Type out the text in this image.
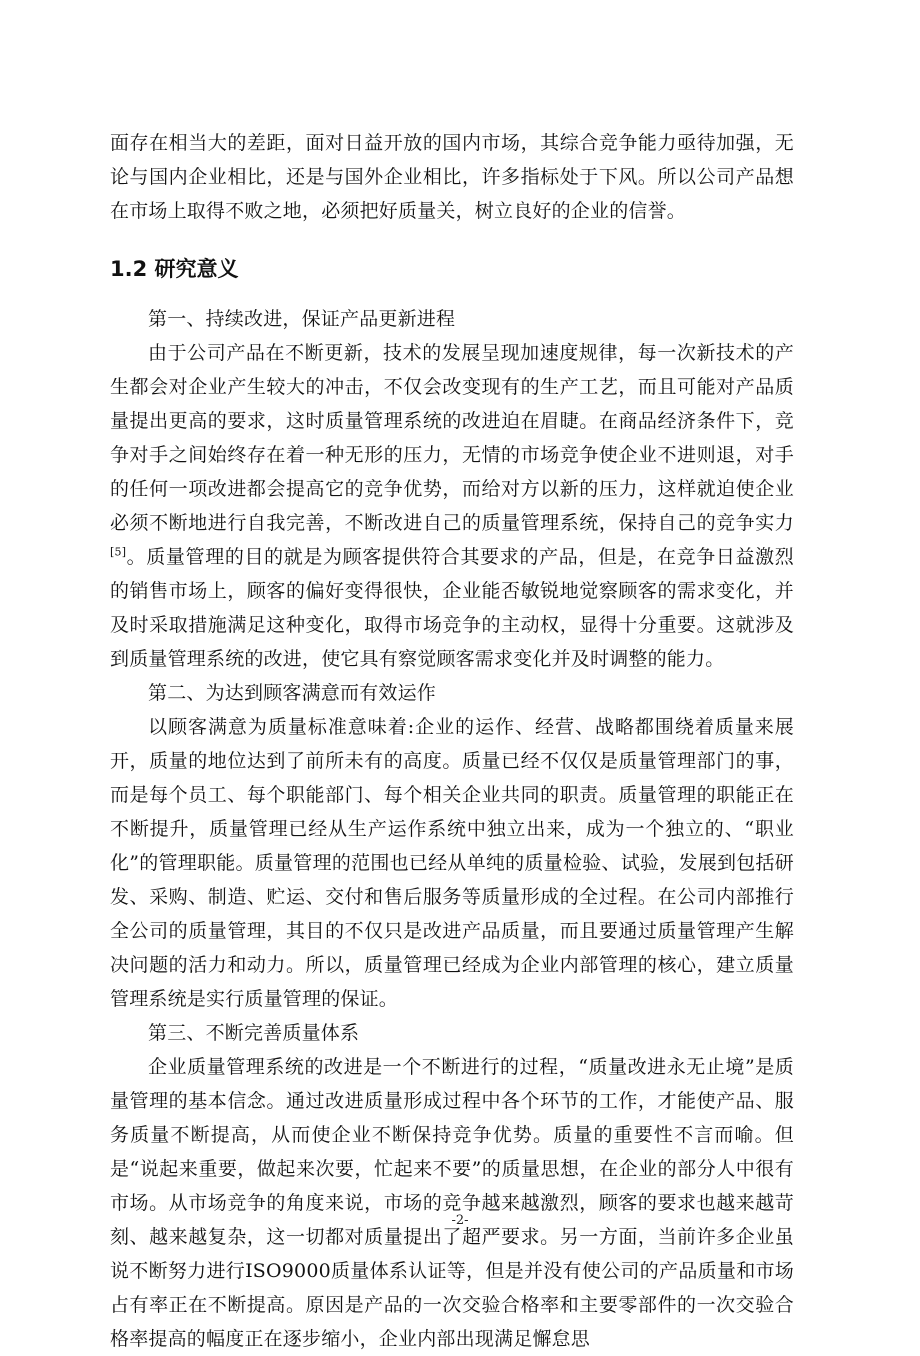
面存在相当大的差距，面对日益开放的国内市场，其综合竞争能力亟待加强，无论与国内企业相比，还是与国外企业相比，许多指标处于下风。所以公司产品想在市场上取得不败之地，必须把好质量关，树立良好的企业的信誉。

1.2 研究意义

第一、持续改进，保证产品更新进程

由于公司产品在不断更新，技术的发展呈现加速度规律，每一次新技术的产生都会对企业产生较大的冲击，不仅会改变现有的生产工艺，而且可能对产品质量提出更高的要求，这时质量管理系统的改进迫在眉睫。在商品经济条件下，竞争对手之间始终存在着一种无形的压力，无情的市场竞争使企业不进则退，对手的任何一项改进都会提高它的竞争优势，而给对方以新的压力，这样就迫使企业必须不断地进行自我完善，不断改进自己的质量管理系统，保持自己的竞争实力[5]。质量管理的目的就是为顾客提供符合其要求的产品，但是，在竞争日益激烈的销售市场上，顾客的偏好变得很快，企业能否敏锐地觉察顾客的需求变化，并及时采取措施满足这种变化，取得市场竞争的主动权，显得十分重要。这就涉及到质量管理系统的改进，使它具有察觉顾客需求变化并及时调整的能力。

第二、为达到顾客满意而有效运作

以顾客满意为质量标准意味着:企业的运作、经营、战略都围绕着质量来展开，质量的地位达到了前所未有的高度。质量已经不仅仅是质量管理部门的事，而是每个员工、每个职能部门、每个相关企业共同的职责。质量管理的职能正在不断提升，质量管理已经从生产运作系统中独立出来，成为一个独立的、“职业化”的管理职能。质量管理的范围也已经从单纯的质量检验、试验，发展到包括研发、采购、制造、贮运、交付和售后服务等质量形成的全过程。在公司内部推行全公司的质量管理，其目的不仅只是改进产品质量，而且要通过质量管理产生解决问题的活力和动力。所以，质量管理已经成为企业内部管理的核心，建立质量管理系统是实行质量管理的保证。

第三、不断完善质量体系

企业质量管理系统的改进是一个不断进行的过程，“质量改进永无止境”是质量管理的基本信念。通过改进质量形成过程中各个环节的工作，才能使产品、服务质量不断提高，从而使企业不断保持竞争优势。质量的重要性不言而喻。但是“说起来重要，做起来次要，忙起来不要”的质量思想，在企业的部分人中很有市场。从市场竞争的角度来说，市场的竞争越来越激烈，顾客的要求也越来越苛刻、越来越复杂，这一切都对质量提出了超严要求。另一方面，当前许多企业虽说不断努力进行ISO9000质量体系认证等，但是并没有使公司的产品质量和市场占有率正在不断提高。原因是产品的一次交验合格率和主要零部件的一次交验合格率提高的幅度正在逐步缩小，企业内部出现满足懈怠思

-2-
